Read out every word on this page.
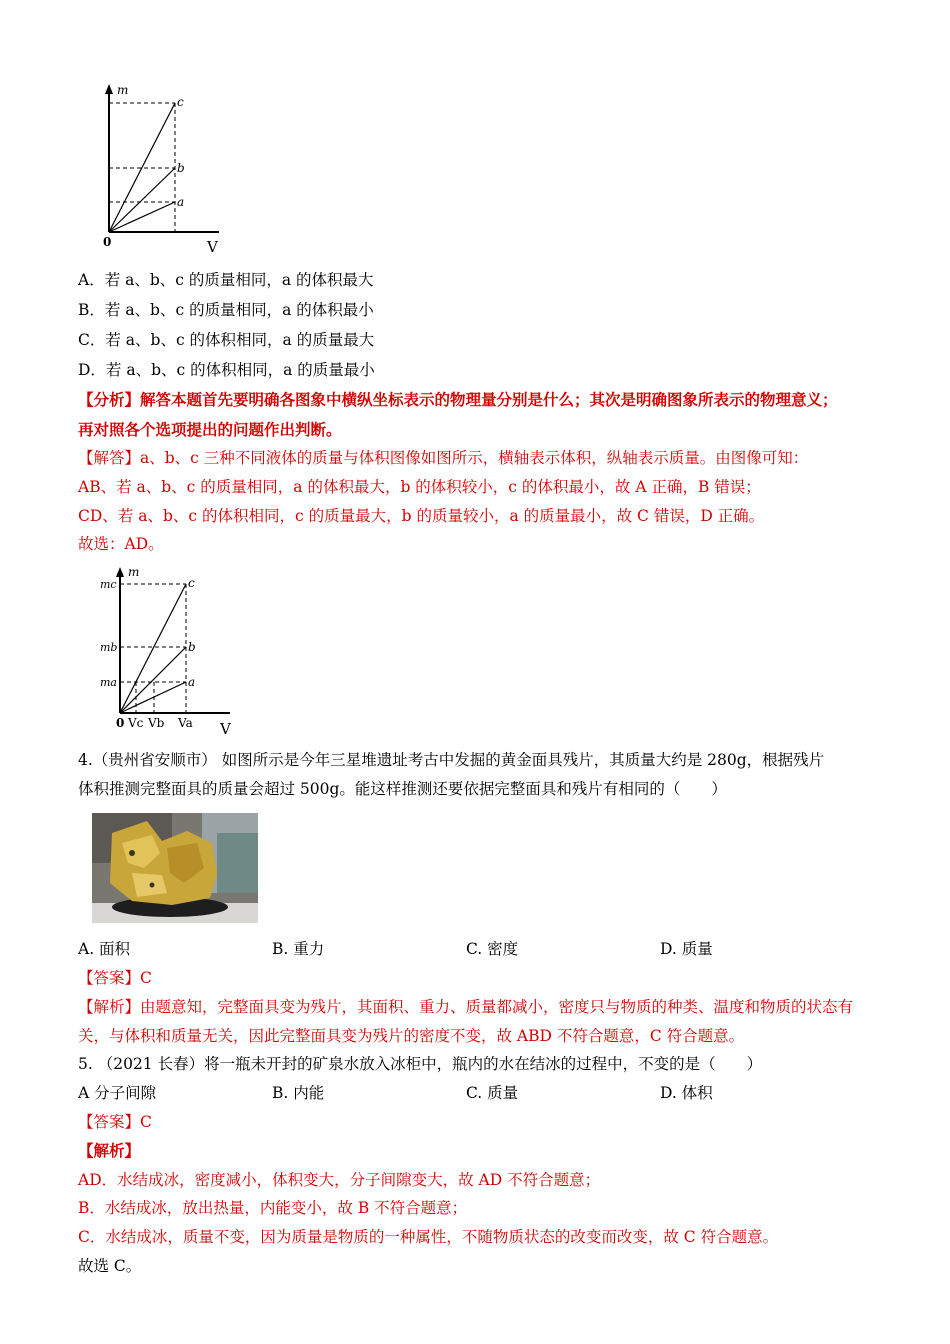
m
V
0
c
b
a
A．若 a、b、c 的质量相同，a 的体积最大
B．若 a、b、c 的质量相同，a 的体积最小
C．若 a、b、c 的体积相同，a 的质量最大
D．若 a、b、c 的体积相同，a 的质量最小
【分析】解答本题首先要明确各图象中横纵坐标表示的物理量分别是什么；其次是明确图象所表示的物理意义；
再对照各个选项提出的问题作出判断。
【解答】a、b、c 三种不同液体的质量与体积图像如图所示，横轴表示体积，纵轴表示质量。由图像可知：
AB、若 a、b、c 的质量相同，a 的体积最大，b 的体积较小，c 的体积最小，故 A 正确，B 错误；
CD、若 a、b、c 的体积相同，c 的质量最大，b 的质量较小，a 的质量最小，故 C 错误，D 正确。
故选：AD。
m
V
0
mc
mb
ma
Vc Vb Va
c
b
a
4.（贵州省安顺市） 如图所示是今年三星堆遗址考古中发掘的黄金面具残片，其质量大约是 280g，根据残片
体积推测完整面具的质量会超过 500g。能这样推测还要依据完整面具和残片有相同的（　　）
A. 面积	B. 重力	C. 密度	D. 质量
【答案】C
【解析】由题意知，完整面具变为残片，其面积、重力、质量都减小，密度只与物质的种类、温度和物质的状态有
关，与体积和质量无关，因此完整面具变为残片的密度不变，故 ABD 不符合题意，C 符合题意。
5. （2021 长春）将一瓶未开封的矿泉水放入冰柜中，瓶内的水在结冰的过程中，不变的是（　　）
A 分子间隙	B. 内能	C. 质量	D. 体积
【答案】C
【解析】
AD．水结成冰，密度减小，体积变大，分子间隙变大，故 AD 不符合题意；
B．水结成冰，放出热量，内能变小，故 B 不符合题意；
C．水结成冰，质量不变，因为质量是物质的一种属性，不随物质状态的改变而改变，故 C 符合题意。
故选 C。
